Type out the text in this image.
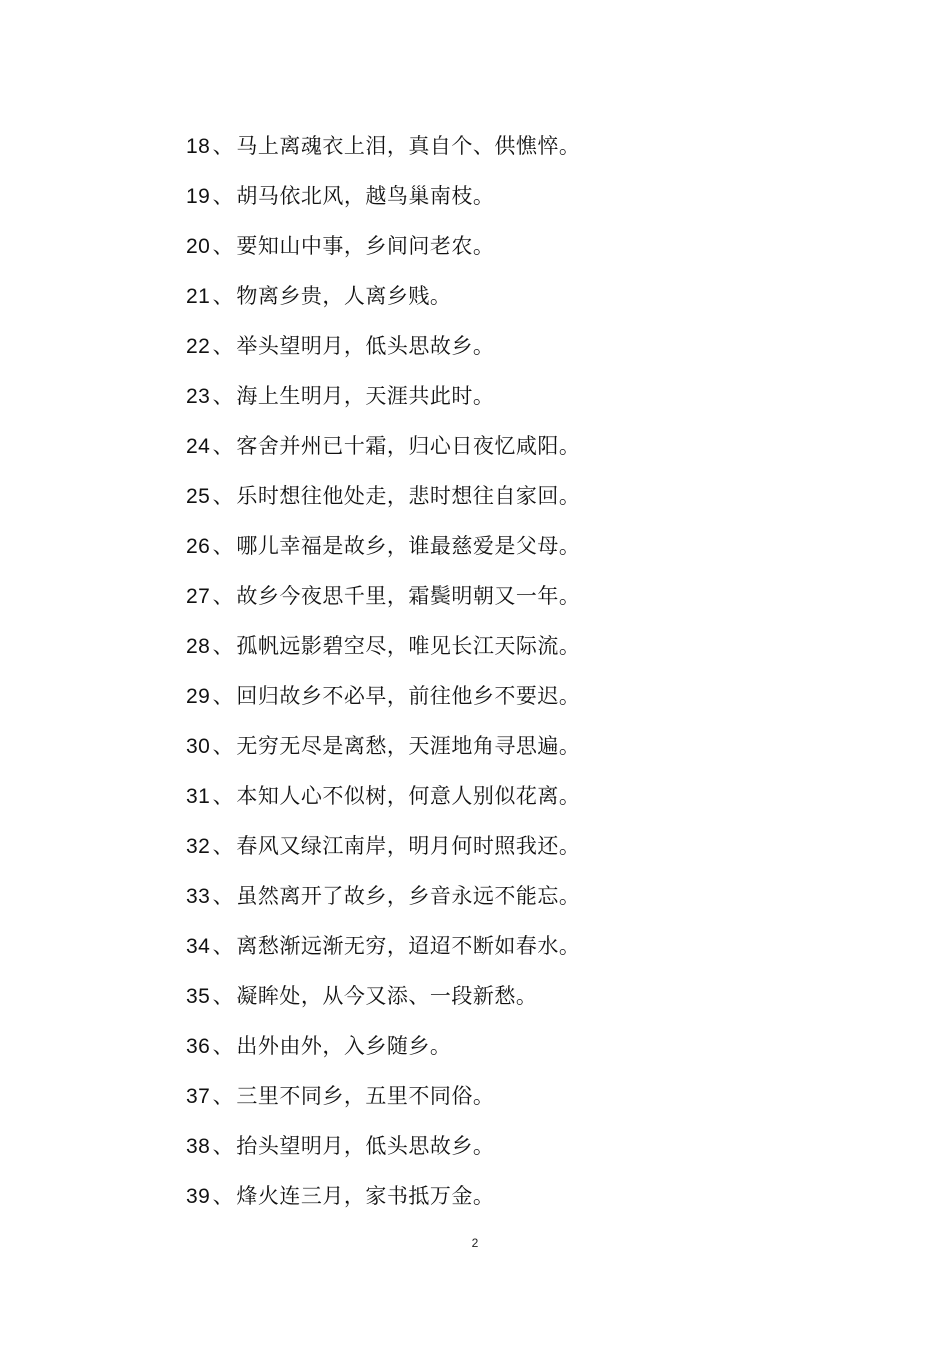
18 、 马上离魂衣上泪，真自个、供憔悴。
19 、 胡马依北风，越鸟巢南枝。
20 、 要知山中事，乡间问老农。
21 、 物离乡贵，人离乡贱。
22 、 举头望明月，低头思故乡。
23 、 海上生明月，天涯共此时。
24 、 客舍并州已十霜，归心日夜忆咸阳。
25 、 乐时想往他处走，悲时想往自家回。
26 、 哪儿幸福是故乡，谁最慈爱是父母。
27 、 故乡今夜思千里，霜鬓明朝又一年。
28 、 孤帆远影碧空尽，唯见长江天际流。
29 、 回归故乡不必早，前往他乡不要迟。
30 、 无穷无尽是离愁，天涯地角寻思遍。
31 、 本知人心不似树，何意人别似花离。
32 、 春风又绿江南岸，明月何时照我还。
33 、 虽然离开了故乡，乡音永远不能忘。
34 、 离愁渐远渐无穷，迢迢不断如春水。
35 、 凝眸处，从今又添、一段新愁。
36 、 出外由外，入乡随乡。
37 、 三里不同乡，五里不同俗。
38 、 抬头望明月，低头思故乡。
39 、 烽火连三月，家书抵万金。
2
